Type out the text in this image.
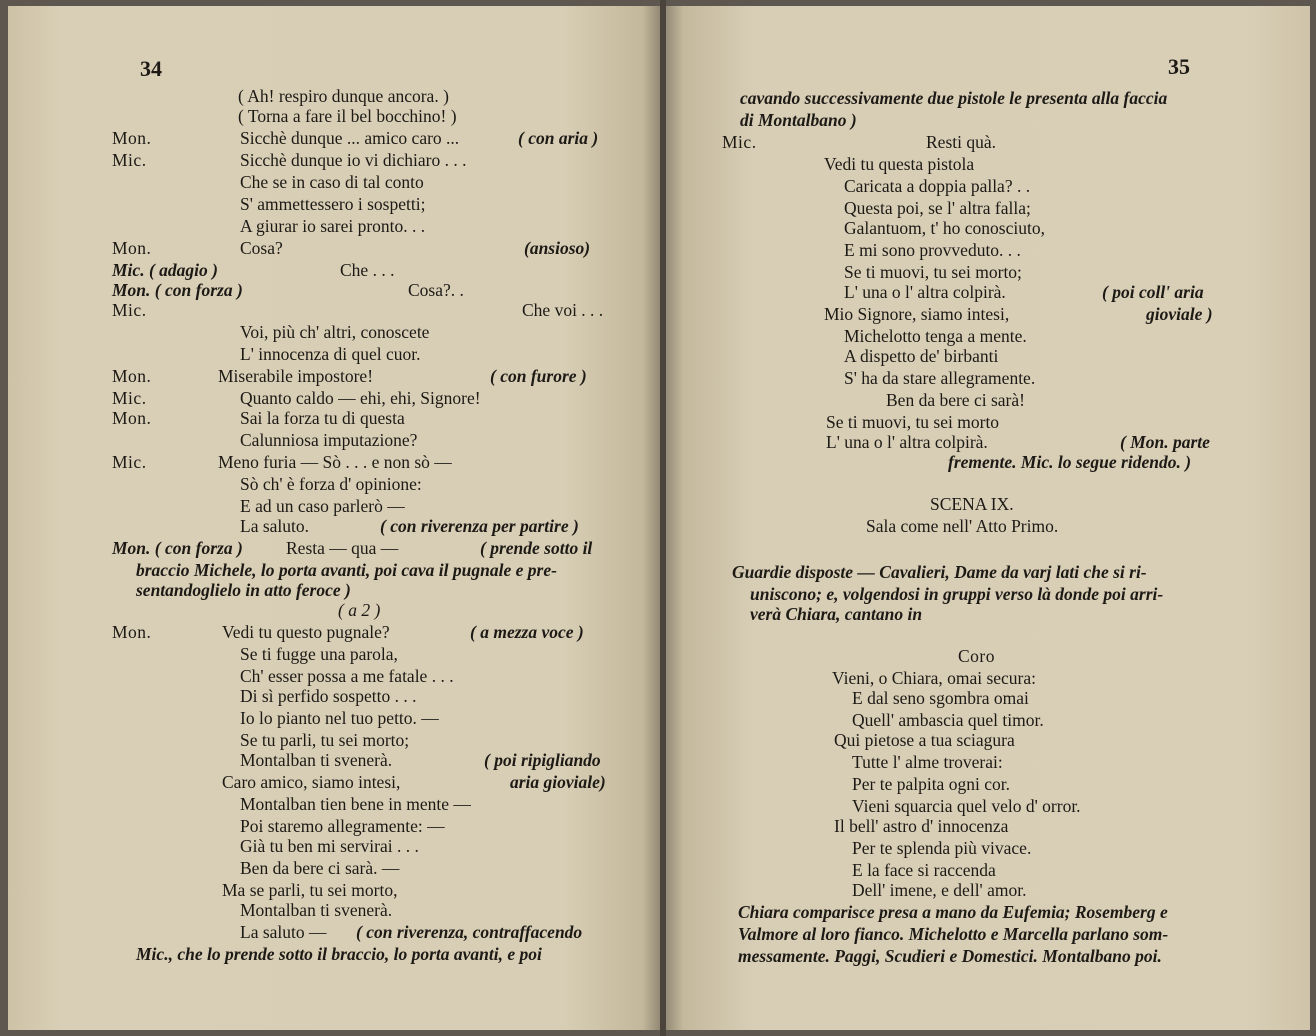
34	35
( Ah! respiro dunque ancora. )
( Torna a fare il bel bocchino! )
Mon.	Sicchè dunque ... amico caro ...	( con aria )
Mic.	Sicchè dunque io vi dichiaro . . .
Che se in caso di tal conto
S' ammettessero i sospetti;
A giurar io sarei pronto. . .
Mon.	Cosa?	(ansioso)
Mic. ( adagio )	Che . . .
Mon. ( con forza )	Cosa?. .
Mic.	Che voi . . .
Voi, più ch' altri, conoscete
L' innocenza di quel cuor.
Mon.	Miserabile impostore!	( con furore )
Mic.	Quanto caldo — ehi, ehi, Signore!
Mon.	Sai la forza tu di questa
Calunniosa imputazione?
Mic.	Meno furia — Sò . . . e non sò —
Sò ch' è forza d' opinione:
E ad un caso parlerò —
La saluto.	( con riverenza per partire )
Mon. ( con forza ) Resta — qua —	( prende sotto il
braccio Michele, lo porta avanti, poi cava il pugnale e pre-
sentandoglielo in atto feroce )
( a 2 )
Mon.	Vedi tu questo pugnale?	( a mezza voce )
Se ti fugge una parola,
Ch' esser possa a me fatale . . .
Di sì perfido sospetto . . .
Io lo pianto nel tuo petto. —
Se tu parli, tu sei morto;
Montalban ti svenerà.	( poi ripigliando
Caro amico, siamo intesi,	aria gioviale)
Montalban tien bene in mente —
Poi staremo allegramente: —
Già tu ben mi servirai . . .
Ben da bere ci sarà. —
Ma se parli, tu sei morto,
Montalban ti svenerà.
La saluto — ( con riverenza, contraffacendo
Mic., che lo prende sotto il braccio, lo porta avanti, e poi
cavando successivamente due pistole le presenta alla faccia
di Montalbano )
Mic.	Resti quà.
Vedi tu questa pistola
Caricata a doppia palla? . .
Questa poi, se l' altra falla;
Galantuom, t' ho conosciuto,
E mi sono provveduto. . .
Se ti muovi, tu sei morto;
L' una o l' altra colpirà.	( poi coll' aria
Mio Signore, siamo intesi,	gioviale )
Michelotto tenga a mente.
A dispetto de' birbanti
S' ha da stare allegramente.
Ben da bere ci sarà!
Se ti muovi, tu sei morto
L' una o l' altra colpirà.	( Mon. parte
fremente. Mic. lo segue ridendo. )
SCENA IX.
Sala come nell' Atto Primo.
Guardie disposte — Cavalieri, Dame da varj lati che si ri-
uniscono; e, volgendosi in gruppi verso là donde poi arri-
verà Chiara, cantano in
Coro
Vieni, o Chiara, omai secura:
E dal seno sgombra omai
Quell' ambascia quel timor.
Qui pietose a tua sciagura
Tutte l' alme troverai:
Per te palpita ogni cor.
Vieni squarcia quel velo d' orror.
Il bell' astro d' innocenza
Per te splenda più vivace.
E la face si raccenda
Dell' imene, e dell' amor.
Chiara comparisce presa a mano da Eufemia; Rosemberg e
Valmore al loro fianco. Michelotto e Marcella parlano som-
messamente. Paggi, Scudieri e Domestici. Montalbano poi.
